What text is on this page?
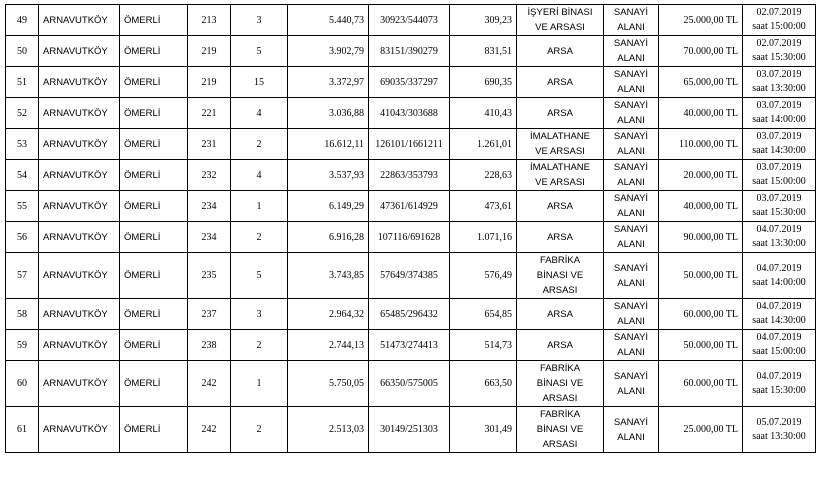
49	ARNAVUTKÖY	ÖMERLİ	213	3	5.440,73	30923/544073	309,23	İŞYERİ BİNASI
VE ARSASI	SANAYİ
ALANI	25.000,00 TL	02.07.2019
saat 15:00:00

50	ARNAVUTKÖY	ÖMERLİ	219	5	3.902,79	83151/390279	831,51	ARSA	SANAYİ
ALANI	70.000,00 TL	02.07.2019
saat 15:30:00

51	ARNAVUTKÖY	ÖMERLİ	219	15	3.372,97	69035/337297	690,35	ARSA	SANAYİ
ALANI	65.000,00 TL	03.07.2019
saat 13:30:00

52	ARNAVUTKÖY	ÖMERLİ	221	4	3.036,88	41043/303688	410,43	ARSA	SANAYİ
ALANI	40.000,00 TL	03.07.2019
saat 14:00:00

53	ARNAVUTKÖY	ÖMERLİ	231	2	16.612,11	126101/1661211	1.261,01	İMALATHANE
VE ARSASI	SANAYİ
ALANI	110.000,00 TL	03.07.2019
saat 14:30:00

54	ARNAVUTKÖY	ÖMERLİ	232	4	3.537,93	22863/353793	228,63	İMALATHANE
VE ARSASI	SANAYİ
ALANI	20.000,00 TL	03.07.2019
saat 15:00:00

55	ARNAVUTKÖY	ÖMERLİ	234	1	6.149,29	47361/614929	473,61	ARSA	SANAYİ
ALANI	40.000,00 TL	03.07.2019
saat 15:30:00

56	ARNAVUTKÖY	ÖMERLİ	234	2	6.916,28	107116/691628	1.071,16	ARSA	SANAYİ
ALANI	90.000,00 TL	04.07.2019
saat 13:30:00

57	ARNAVUTKÖY	ÖMERLİ	235	5	3.743,85	57649/374385	576,49	FABRİKA
BİNASI VE
ARSASI	SANAYİ
ALANI	50.000,00 TL	04.07.2019
saat 14:00:00

58	ARNAVUTKÖY	ÖMERLİ	237	3	2.964,32	65485/296432	654,85	ARSA	SANAYİ
ALANI	60.000,00 TL	04.07.2019
saat 14:30:00

59	ARNAVUTKÖY	ÖMERLİ	238	2	2.744,13	51473/274413	514,73	ARSA	SANAYİ
ALANI	50.000,00 TL	04.07.2019
saat 15:00:00

60	ARNAVUTKÖY	ÖMERLİ	242	1	5.750,05	66350/575005	663,50	FABRİKA
BİNASI VE
ARSASI	SANAYİ
ALANI	60.000,00 TL	04.07.2019
saat 15:30:00

61	ARNAVUTKÖY	ÖMERLİ	242	2	2.513,03	30149/251303	301,49	FABRİKA
BİNASI VE
ARSASI	SANAYİ
ALANI	25.000,00 TL	05.07.2019
saat 13:30:00
